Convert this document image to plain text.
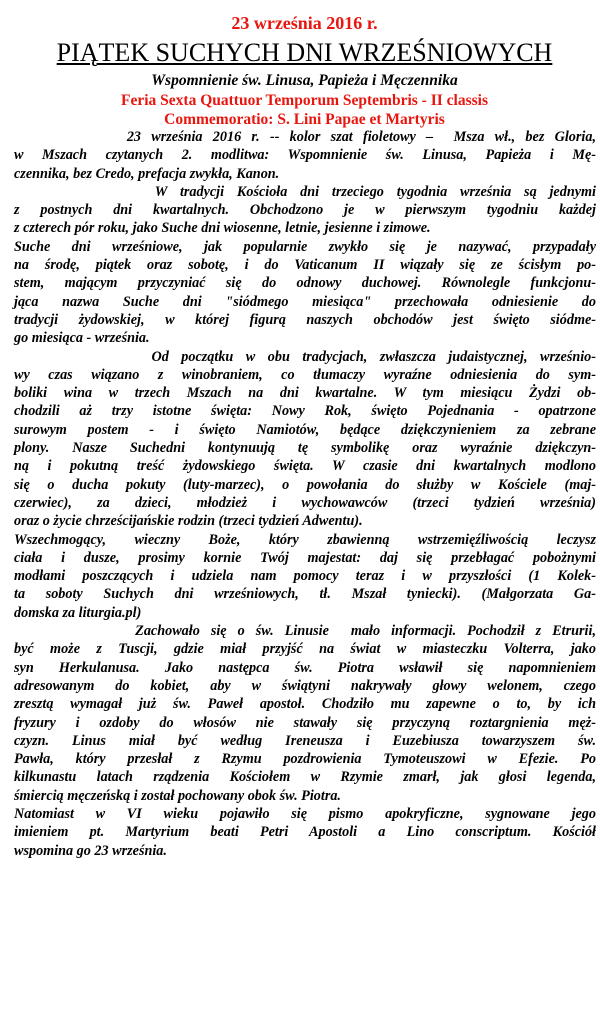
23 września 2016 r.
PIĄTEK SUCHYCH DNI WRZEŚNIOWYCH
Wspomnienie św. Linusa, Papieża i Męczennika
Feria Sexta Quattuor Temporum Septembris - II classis
Commemoratio: S. Lini Papae et Martyris
23 września 2016 r. -- kolor szat fioletowy –  Msza wł., bez Gloria,
w Mszach czytanych 2. modlitwa: Wspomnienie św. Linusa, Papieża i Mę-
czennika, bez Credo, prefacja zwykła, Kanon.
W tradycji Kościoła dni trzeciego tygodnia września są jednymi
z postnych dni kwartalnych. Obchodzono je w pierwszym tygodniu każdej
z czterech pór roku, jako Suche dni wiosenne, letnie, jesienne i zimowe.
Suche dni wrześniowe, jak popularnie zwykło się je nazywać, przypadały
na środę, piątek oraz sobotę, i do Vaticanum II wiązały się ze ścisłym po-
stem, mającym przyczyniać się do odnowy duchowej. Równolegle funkcjonu-
jąca nazwa Suche dni "siódmego miesiąca" przechowała odniesienie do
tradycji żydowskiej, w której figurą naszych obchodów jest święto siódme-
go miesiąca - września.
Od początku w obu tradycjach, zwłaszcza judaistycznej, wrześnio-
wy czas wiązano z winobraniem, co tłumaczy wyraźne odniesienia do sym-
boliki wina w trzech Mszach na dni kwartalne. W tym miesiącu Żydzi ob-
chodzili aż trzy istotne święta: Nowy Rok, święto Pojednania - opatrzone
surowym postem - i święto Namiotów, będące dziękczynieniem za zebrane
plony. Nasze Suchedni kontynuują tę symbolikę oraz wyraźnie dziękczyn-
ną i pokutną treść żydowskiego święta. W czasie dni kwartalnych modlono
się o ducha pokuty (luty-marzec), o powołania do służby w Kościele (maj-
czerwiec), za dzieci, młodzież i wychowawców (trzeci tydzień września)
oraz o życie chrześcijańskie rodzin (trzeci tydzień Adwentu).
Wszechmogący, wieczny Boże, który zbawienną wstrzemięźliwością leczysz
ciała i dusze, prosimy kornie Twój majestat: daj się przebłagać pobożnymi
modłami poszczących i udziela nam pomocy teraz i w przyszłości (1 Kolek-
ta soboty Suchych dni wrześniowych, tł. Mszał tyniecki). (Małgorzata Ga-
domska za liturgia.pl)
Zachowało się o św. Linusie  mało informacji. Pochodził z Etrurii,
być może z Tuscji, gdzie miał przyjść na świat w miasteczku Volterra, jako
syn Herkulanusa. Jako następca św. Piotra wsławił się napomnieniem
adresowanym do kobiet, aby w świątyni nakrywały głowy welonem, czego
zresztą wymagał już św. Paweł apostoł. Chodziło mu zapewne o to, by ich
fryzury i ozdoby do włosów nie stawały się przyczyną roztargnienia męż-
czyzn. Linus miał być według Ireneusza i Euzebiusza towarzyszem św.
Pawła, który przesłał z Rzymu pozdrowienia Tymoteuszowi w Efezie. Po
kilkunastu latach rządzenia Kościołem w Rzymie zmarł, jak głosi legenda,
śmiercią męczeńską i został pochowany obok św. Piotra.
Natomiast w VI wieku pojawiło się pismo apokryficzne, sygnowane jego
imieniem pt. Martyrium beati Petri Apostoli a Lino conscriptum. Kościół
wspomina go 23 września.
